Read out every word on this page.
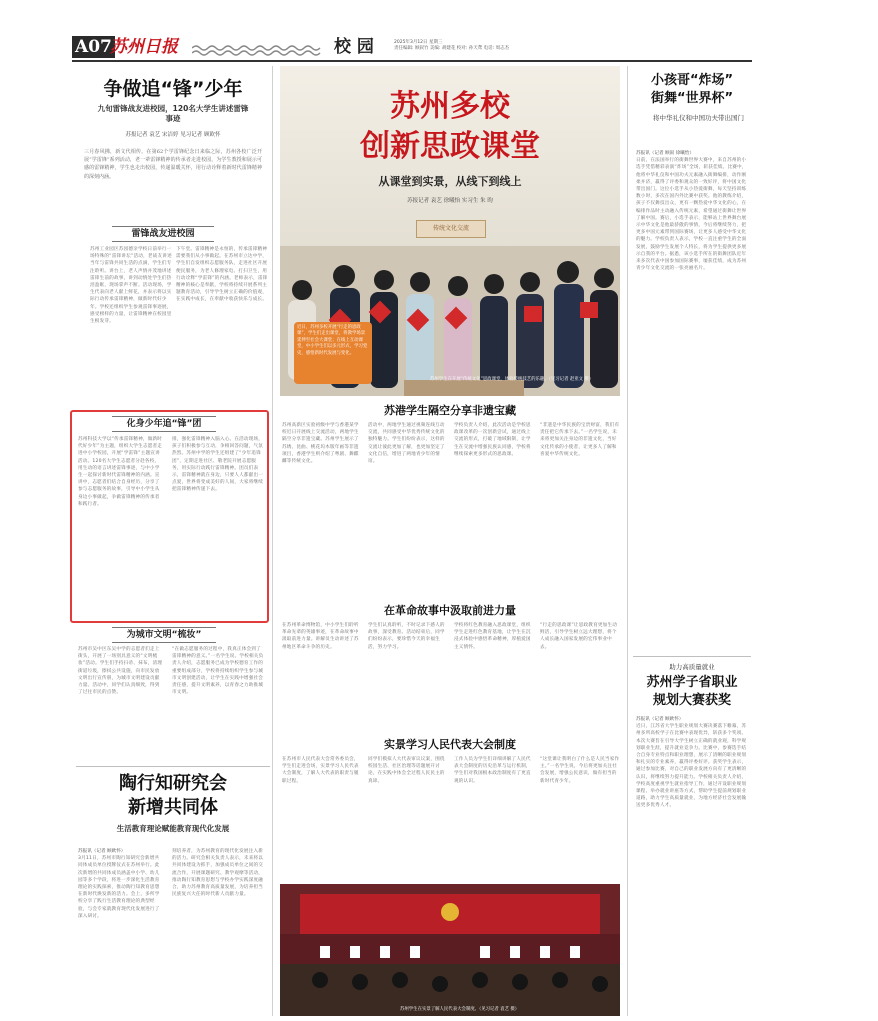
A07
苏州日报	校 园	2025年3月12日 星期三
责任编辑: 顾叙竹 美编: 胡建花 校对: 孙天鸢 电话: 周志杰
争做追“锋”少年
九旬雷锋战友进校园，120名大学生讲述雷锋事迹
苏报记者 袁艺 宋洁婷 见习记者 顾欧怀
三月春风拂，新文代相传。在第62个学雷锋纪念日来临之际，苏州各校广泛开展“学雷锋”系列活动，老一辈雷锋精神的传承者走进校园，为学生教授和展示可感的雷锋精神，学生也走出校园，传递温暖关怀，用行动诠释着新时代雷锋精神的深刻内涵。
雷锋战友进校园
苏州工业园区苏园德亲学校日前举行一场特殊的“雷锋讲坛”活动，老战友讲述当年与雷锋共同生活的点滴，学生们专注聆听。讲台上，老人声情并茂地讲述雷锋生前的故事，讲到动情处学生们热泪盈眶，现场掌声不断。活动现场，学生代表向老人献上鲜花，并表示将以实际行动传承雷锋精神，做新时代好少年。学校还组织学生参观雷锋事迹展，感受榜样的力量，让雷锋精神在校园里生根发芽。
下午堂。雷锋精神是永恒的，传承雷锋精神需要我们从小事做起。在苏州市立达中学，学生们自发组织志愿服务队，走进社区开展便民服务，为老人修理家电、打扫卫生，用行动诠释“学雷锋”的内涵。老师表示，雷锋精神的核心是奉献，学校将持续开展系列主题教育活动，引导学生树立正确的价值观，在实践中成长，在奉献中收获快乐与成长。
化身少年追“锋”团
苏州科技大学以“传承雷锋精神，做新时代好少年”为主题，组织大学生志愿者走进中小学校园，开展“学雷锋”主题宣讲活动。120名大学生志愿者分赴各校，用生动的语言讲述雷锋事迹，与中小学生一起探讨新时代雷锋精神的内涵。宣讲中，志愿者们结合自身经历，分享了参与志愿服务的故事，引导中小学生从身边小事做起，争做雷锋精神的传承者和践行者。
排，强化雷锋精神入脑入心。在活动现场，孩子们积极参与互动，争相回答问题，气氛热烈。苏州中学的学生还组建了“少年追锋团”，定期走进社区、敬老院开展志愿服务，用实际行动践行雷锋精神。团员们表示，雷锋精神就在身边，只要人人都献出一点爱，世界将变成美好的人间，大家将继续把雷锋精神传递下去。
为城市文明“梳妆”
苏州市吴中区东吴中学的志愿者们走上街头，开展了一场别具意义的“文明梳妆”活动。学生们手持扫帚、抹布，清理街道垃圾，擦拭公共设施，向市民发放文明出行宣传册，为城市文明建设贡献力量。活动中，同学们认真细致，得到了过往市民的点赞。
“在做志愿服务的过程中，我真正体会到了雷锋精神的意义。”一名学生说。学校相关负责人介绍，志愿服务已成为学校德育工作的重要组成部分，学校将持续组织学生参与城市文明创建活动，让学生在实践中增强社会责任感，提升文明素养，以青春之力助推城市文明。
陶行知研究会
新增共同体
生活教育理论赋能教育现代化发展
苏报讯（记者 顾欧怀）
3月11日，苏州市陶行知研究会新增共同体成员单位授牌仪式在苏州举行。此次新增的共同体成员涵盖中小学、幼儿园等多个学段，将进一步深化生活教育理论的实践探索，推动陶行知教育思想在新时代焕发新的活力。会上，多所学校分享了践行生活教育理论的典型经验，与会专家就教育现代化发展进行了深入研讨。
刻培养者，为苏州教育的现代化发展注入新的活力。研究会相关负责人表示，未来将以共同体建设为抓手，加强成员单位之间的交流合作，开展课题研究、教学观摩等活动，推动陶行知教育思想与学校办学实践深度融合，助力苏州教育高质量发展，为培养担当民族复兴大任的时代新人贡献力量。
苏州多校
创新思政课堂
从课堂到实景，从线下到线上
苏报记者 袁艺 徐曦怡 实习生 朱 昀
传统文化交流
近日，苏州多校开展“行走的思政课”，学生们走出课堂，将教学场景延伸至社会大课堂；在线上互动课堂，中小学生们以多元形式，学习党史，感悟新时代发展与变化。
苏州学生在开展“传统文化”思政课堂，体验传统技艺的乐趣。（见习记者 赵亚文 摄）
苏港学生隔空分享非遗宝藏
苏州高新区实验初级中学与香港某学校近日开展线上交流活动，两地学生隔空分享非遗宝藏。苏州学生展示了苏绣、昆曲、桃花坞木版年画等非遗项目，香港学生则介绍了粤剧、舞麒麟等传统文化。
活动中，两地学生通过视频连线互动交流，共同感受中华优秀传统文化的独特魅力。学生们纷纷表示，这样的交流让彼此更加了解，也更加坚定了文化自信，增进了两地青少年的情谊。
学校负责人介绍，此次活动是学校思政课改革的一次创新尝试，通过线上交流的形式，打破了地域限制，让学生在交流中增强民族认同感，学校将继续探索更多形式的思政课。
“非遗是中华民族的宝贵财富，我们有责任把它传承下去。”一名学生说，未来将更加关注身边的非遗文化，当好文化传承的小使者，让更多人了解和喜爱中华传统文化。
在革命故事中汲取前进力量
在苏州革命博物馆，中小学生们聆听革命先辈的英雄事迹，在革命故事中汲取前进力量。讲解员生动讲述了苏州地区革命斗争的历史。
学生们认真聆听，不时记录下感人的故事，深受教育。活动结束后，同学们纷纷表示，要珍惜今天的幸福生活，努力学习。
学校将红色教育融入思政课堂，组织学生走进红色教育基地，让学生在沉浸式体验中感悟革命精神，厚植爱国主义情怀。
“行走的思政课”让思政教育更加生动鲜活，引导学生树立远大理想，将个人成长融入国家发展的宏伟事业中去。
实景学习人民代表大会制度
在苏州市人民代表大会常务委员会，学生们走进会场，实景学习人民代表大会制度，了解人大代表的职责与履职过程。
同学们模拟人大代表审议议案，围绕校园生活、社区治理等话题展开讨论，在实践中体会全过程人民民主的真谛。
工作人员为学生们详细讲解了人民代表大会制度的历史沿革与运行机制，学生们对我国根本政治制度有了更直观的认识。
“这堂课让我明白了什么是人民当家作主。”一名学生说，今后将更加关注社会发展，增强公民意识，做有担当的新时代青少年。
苏州学生在实景了解人民代表大会制度。（见习记者 袁艺 摄）
小孩哥“炸场”
街舞“世界杯”
将中华礼仪和中国功夫带出国门
苏报讯（记者 顾叙 徐曦怡）
日前，在法国举行的街舞世界大赛中，来自苏州的小选手凭借精彩表演“炸场”全场，斩获佳绩。比赛中，他将中华礼仪和中国功夫元素融入街舞编排，动作刚柔并济，赢得了评委和观众的一致好评，将中国文化带出国门。这位小选手从小热爱街舞，每天坚持训练数小时，多次在国内外比赛中获奖。他的教练介绍，孩子不仅舞技出众，更有一颗热爱中华文化的心，在编排作品时主动融入传统元素，希望通过街舞让世界了解中国。赛后，小选手表示，能够站上世界舞台展示中华文化是他最骄傲的事情，今后将继续努力，把更多中国元素带到国际赛场，让更多人感受中华文化的魅力。学校负责人表示，学校一直注重学生的全面发展，鼓励学生发展个人特长，将为学生提供更多展示自我的平台。据悉，该小选手所在的街舞团队近年来多次代表中国参加国际赛事，屡获佳绩，成为苏州青少年文化交流的一张亮丽名片。
助力高质量就业
苏州学子省职业
规划大赛获奖
苏报讯（记者 顾欧怀）
近日，江苏省大学生职业规划大赛决赛落下帷幕，苏州多所高校学子在比赛中表现优异，斩获多个奖项。本次大赛旨在引导大学生树立正确的就业观，科学规划职业生涯，提升就业竞争力。比赛中，参赛选手结合自身专业特点和职业理想，展示了清晰的职业规划和扎实的专业素养，赢得评委好评。获奖学生表示，通过参加比赛，对自己的职业发展方向有了更清晰的认识，将继续努力提升能力。学校相关负责人介绍，学校高度重视学生就业指导工作，通过开设职业规划课程、举办就业讲座等方式，帮助学生提前规划职业道路，助力学生高质量就业，为地方经济社会发展输送更多优秀人才。
